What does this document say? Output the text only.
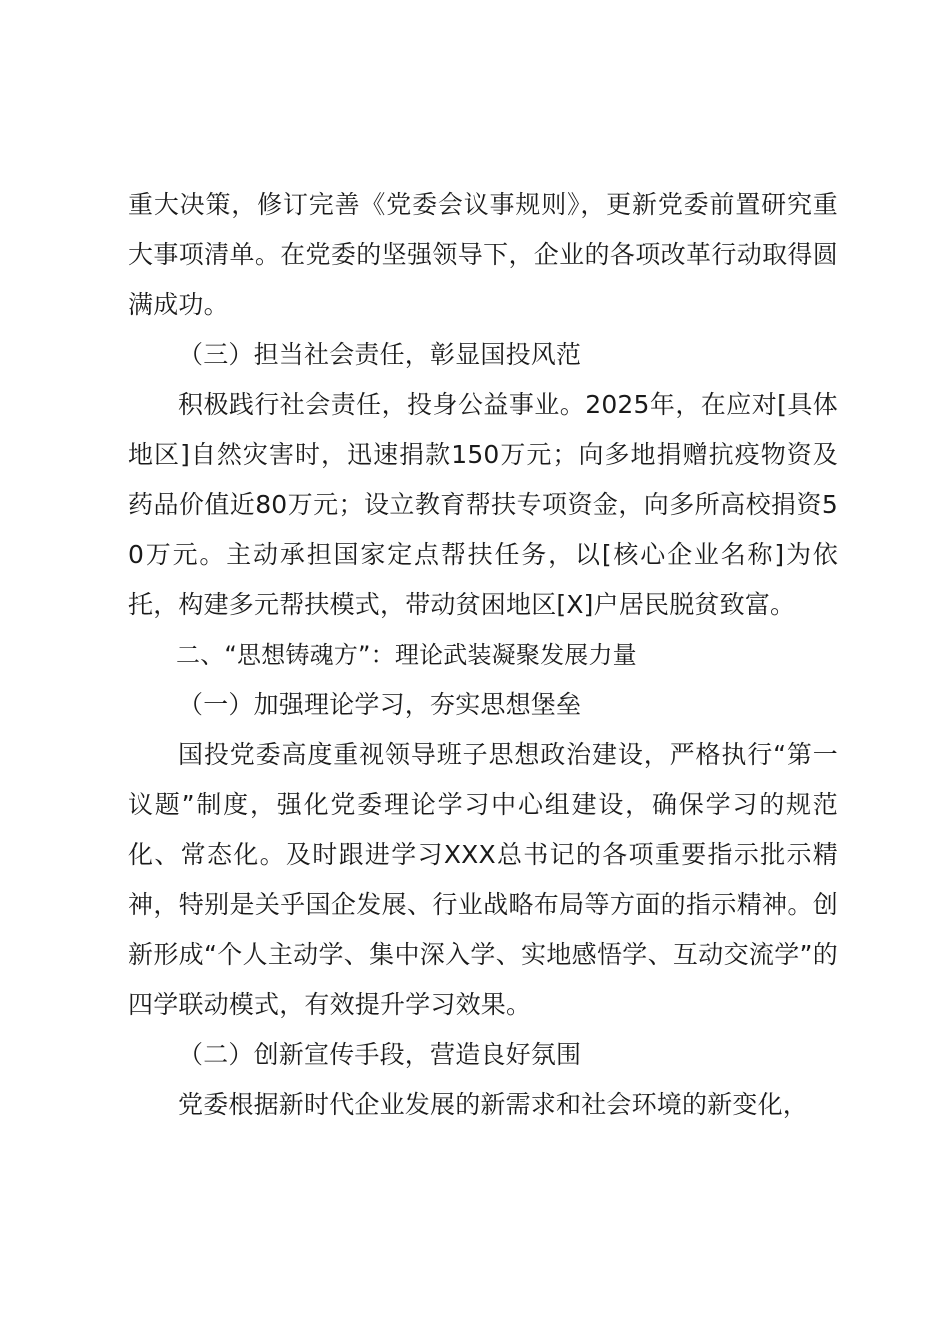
重大决策，修订完善《党委会议事规则》，更新党委前置研究重大事项清单。在党委的坚强领导下，企业的各项改革行动取得圆满成功。

（三）担当社会责任，彰显国投风范

积极践行社会责任，投身公益事业。2025年，在应对[具体地区]自然灾害时，迅速捐款150万元；向多地捐赠抗疫物资及药品价值近80万元；设立教育帮扶专项资金，向多所高校捐资50万元。主动承担国家定点帮扶任务，以[核心企业名称]为依托，构建多元帮扶模式，带动贫困地区[X]户居民脱贫致富。

二、“思想铸魂方”：理论武装凝聚发展力量

（一）加强理论学习，夯实思想堡垒

国投党委高度重视领导班子思想政治建设，严格执行“第一议题”制度，强化党委理论学习中心组建设，确保学习的规范化、常态化。及时跟进学习XXX总书记的各项重要指示批示精神，特别是关乎国企发展、行业战略布局等方面的指示精神。创新形成“个人主动学、集中深入学、实地感悟学、互动交流学”的四学联动模式，有效提升学习效果。

（二）创新宣传手段，营造良好氛围

党委根据新时代企业发展的新需求和社会环境的新变化，
